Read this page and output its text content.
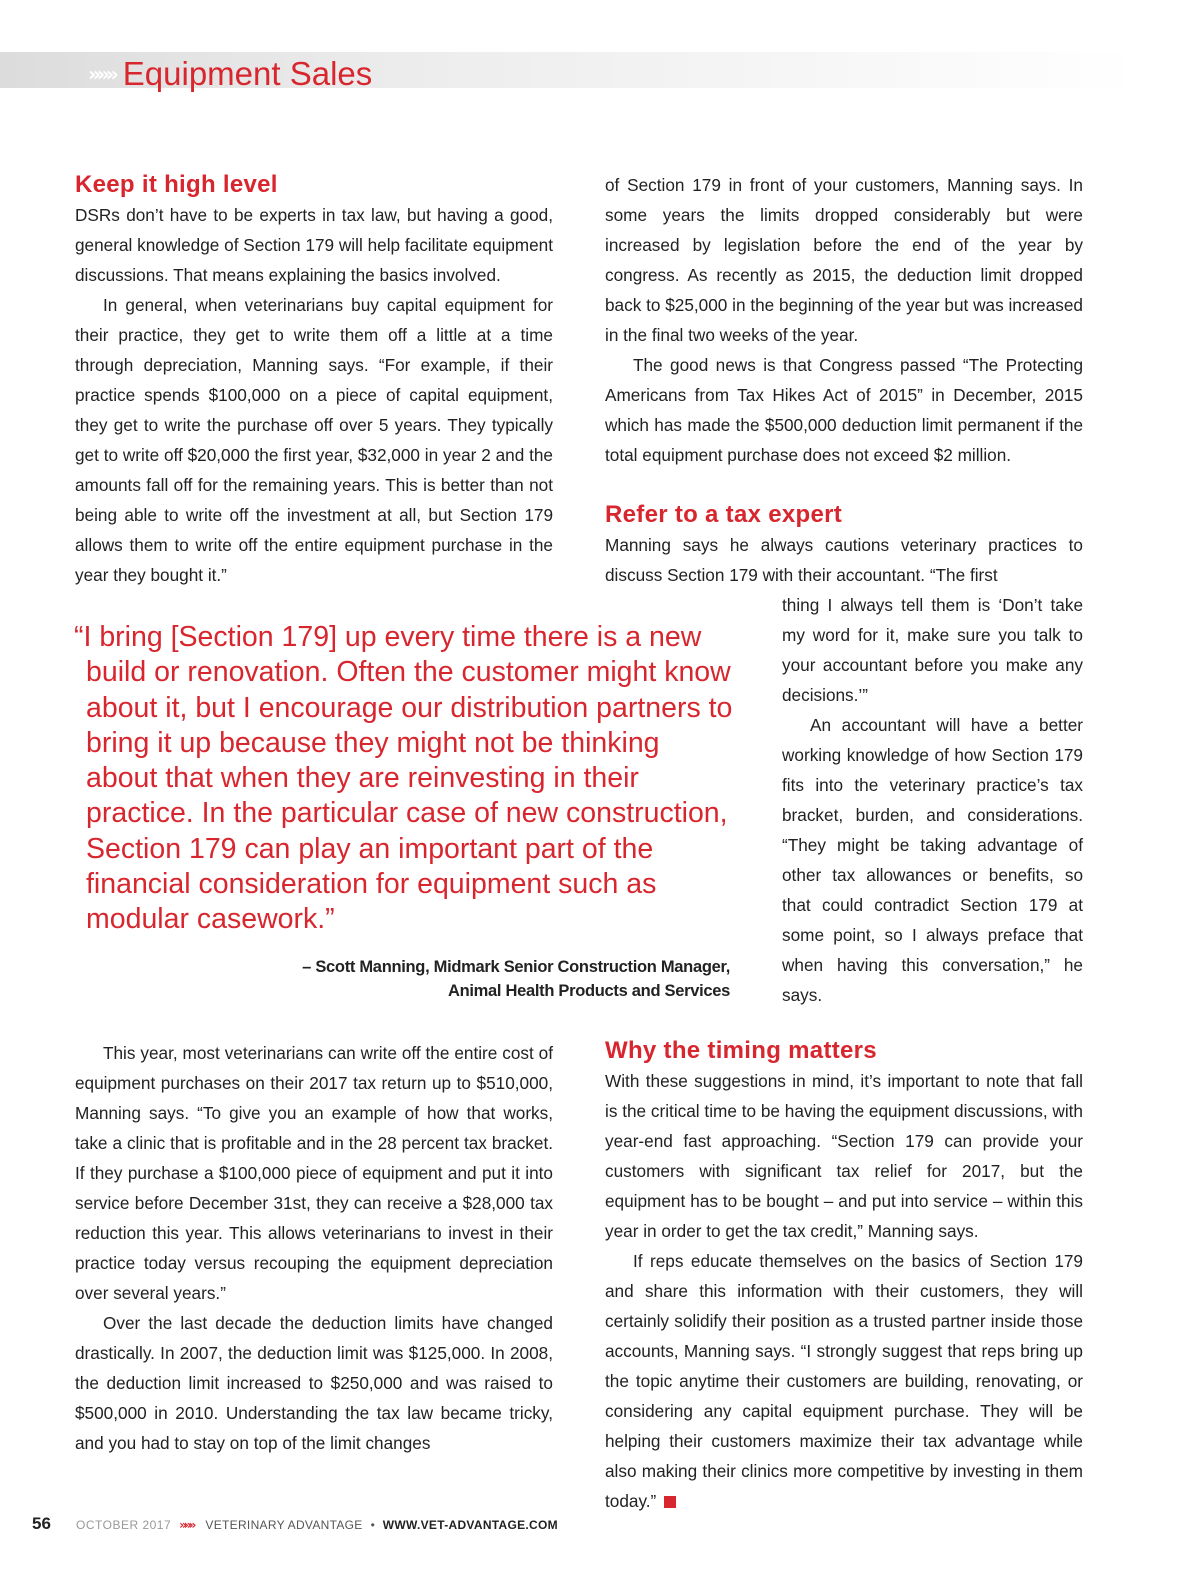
»»» Equipment Sales
Keep it high level

DSRs don’t have to be experts in tax law, but having a good, general knowledge of Section 179 will help facilitate equipment discussions. That means explaining the basics involved.

In general, when veterinarians buy capital equipment for their practice, they get to write them off a little at a time through depreciation, Manning says. “For example, if their practice spends $100,000 on a piece of capital equipment, they get to write the purchase off over 5 years. They typically get to write off $20,000 the first year, $32,000 in year 2 and the amounts fall off for the remaining years. This is better than not being able to write off the investment at all, but Section 179 allows them to write off the entire equipment purchase in the year they bought it.”

of Section 179 in front of your customers, Manning says. In some years the limits dropped considerably but were increased by legislation before the end of the year by congress. As recently as 2015, the deduction limit dropped back to $25,000 in the beginning of the year but was increased in the final two weeks of the year.

The good news is that Congress passed “The Protecting Americans from Tax Hikes Act of 2015” in December, 2015 which has made the $500,000 deduction limit permanent if the total equipment purchase does not exceed $2 million.

Refer to a tax expert

Manning says he always cautions veterinary practices to discuss Section 179 with their accountant. “The first

thing I always tell them is ‘Don’t take my word for it, make sure you talk to your accountant before you make any decisions.’”

An accountant will have a better working knowledge of how Section 179 fits into the veterinary practice’s tax bracket, burden, and considerations. “They might be taking advantage of other tax allowances or benefits, so that could contradict Section 179 at some point, so I always preface that when having this conversation,” he says.

“I bring [Section 179] up every time there is a new build or renovation. Often the customer might know about it, but I encourage our distribution partners to bring it up because they might not be thinking about that when they are reinvesting in their practice. In the particular case of new construction, Section 179 can play an important part of the financial consideration for equipment such as modular casework.”

– Scott Manning, Midmark Senior Construction Manager,
Animal Health Products and Services

This year, most veterinarians can write off the entire cost of equipment purchases on their 2017 tax return up to $510,000, Manning says. “To give you an example of how that works, take a clinic that is profitable and in the 28 percent tax bracket. If they purchase a $100,000 piece of equipment and put it into service before December 31st, they can receive a $28,000 tax reduction this year. This allows veterinarians to invest in their practice today versus recouping the equipment depreciation over several years.”

Over the last decade the deduction limits have changed drastically. In 2007, the deduction limit was $125,000. In 2008, the deduction limit increased to $250,000 and was raised to $500,000 in 2010. Understanding the tax law became tricky, and you had to stay on top of the limit changes

Why the timing matters

With these suggestions in mind, it’s important to note that fall is the critical time to be having the equipment discussions, with year-end fast approaching. “Section 179 can provide your customers with significant tax relief for 2017, but the equipment has to be bought – and put into service – within this year in order to get the tax credit,” Manning says.

If reps educate themselves on the basics of Section 179 and share this information with their customers, they will certainly solidify their position as a trusted partner inside those accounts, Manning says. “I strongly suggest that reps bring up the topic anytime their customers are building, renovating, or considering any capital equipment purchase. They will be helping their customers maximize their tax advantage while also making their clinics more competitive by investing in them today.”

56	OCTOBER 2017 »»» VETERINARY ADVANTAGE • WWW.VET-ADVANTAGE.COM
